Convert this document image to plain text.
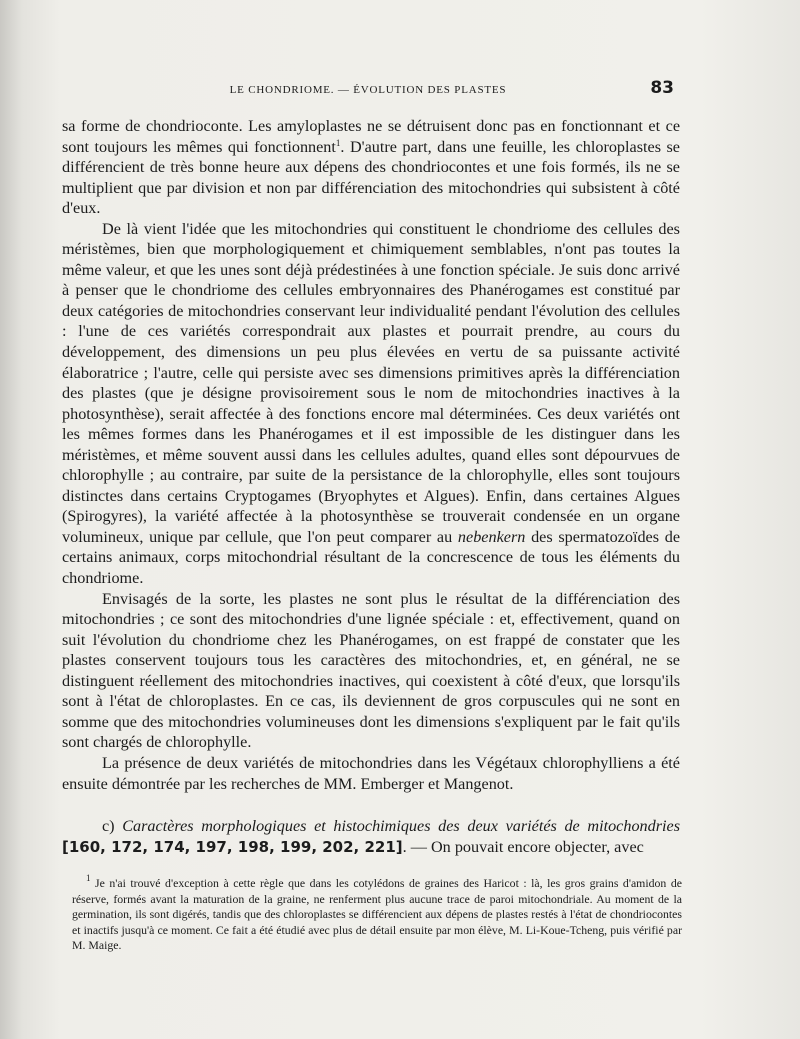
LE CHONDRIOME. — ÉVOLUTION DES PLASTES	83

sa forme de chondrioconte. Les amyloplastes ne se détruisent donc pas en fonctionnant et ce sont toujours les mêmes qui fonctionnent$^1$. D'autre part, dans une feuille, les chloroplastes se différencient de très bonne heure aux dépens des chondriocontes et une fois formés, ils ne se multiplient que par division et non par différenciation des mitochondries qui subsistent à côté d'eux.

De là vient l'idée que les mitochondries qui constituent le chondriome des cellules des méristèmes, bien que morphologiquement et chimiquement semblables, n'ont pas toutes la même valeur, et que les unes sont déjà prédestinées à une fonction spéciale. Je suis donc arrivé à penser que le chondriome des cellules embryonnaires des Phanérogames est constitué par deux catégories de mitochondries conservant leur individualité pendant l'évolution des cellules : l'une de ces variétés correspondrait aux plastes et pourrait prendre, au cours du développement, des dimensions un peu plus élevées en vertu de sa puissante activité élaboratrice ; l'autre, celle qui persiste avec ses dimensions primitives après la différenciation des plastes (que je désigne provisoirement sous le nom de mitochondries inactives à la photosynthèse), serait affectée à des fonctions encore mal déterminées. Ces deux variétés ont les mêmes formes dans les Phanérogames et il est impossible de les distinguer dans les méristèmes, et même souvent aussi dans les cellules adultes, quand elles sont dépourvues de chlorophylle ; au contraire, par suite de la persistance de la chlorophylle, elles sont toujours distinctes dans certains Cryptogames (Bryophytes et Algues). Enfin, dans certaines Algues (Spirogyres), la variété affectée à la photosynthèse se trouverait condensée en un organe volumineux, unique par cellule, que l'on peut comparer au nebenkern des spermatozoïdes de certains animaux, corps mitochondrial résultant de la concrescence de tous les éléments du chondriome.

Envisagés de la sorte, les plastes ne sont plus le résultat de la différenciation des mitochondries ; ce sont des mitochondries d'une lignée spéciale : et, effectivement, quand on suit l'évolution du chondriome chez les Phanérogames, on est frappé de constater que les plastes conservent toujours tous les caractères des mitochondries, et, en général, ne se distinguent réellement des mitochondries inactives, qui coexistent à côté d'eux, que lorsqu'ils sont à l'état de chloroplastes. En ce cas, ils deviennent de gros corpuscules qui ne sont en somme que des mitochondries volumineuses dont les dimensions s'expliquent par le fait qu'ils sont chargés de chlorophylle.

La présence de deux variétés de mitochondries dans les Végétaux chlorophylliens a été ensuite démontrée par les recherches de MM. Emberger et Mangenot.

c) Caractères morphologiques et histochimiques des deux variétés de mitochondries [160, 172, 174, 197, 198, 199, 202, 221]. — On pouvait encore objecter, avec

$^1$ Je n'ai trouvé d'exception à cette règle que dans les cotylédons de graines des Haricot : là, les gros grains d'amidon de réserve, formés avant la maturation de la graine, ne renferment plus aucune trace de paroi mitochondriale. Au moment de la germination, ils sont digérés, tandis que des chloroplastes se différencient aux dépens de plastes restés à l'état de chondriocontes et inactifs jusqu'à ce moment. Ce fait a été étudié avec plus de détail ensuite par mon élève, M. Li-Koue-Tcheng, puis vérifié par M. Maige.
